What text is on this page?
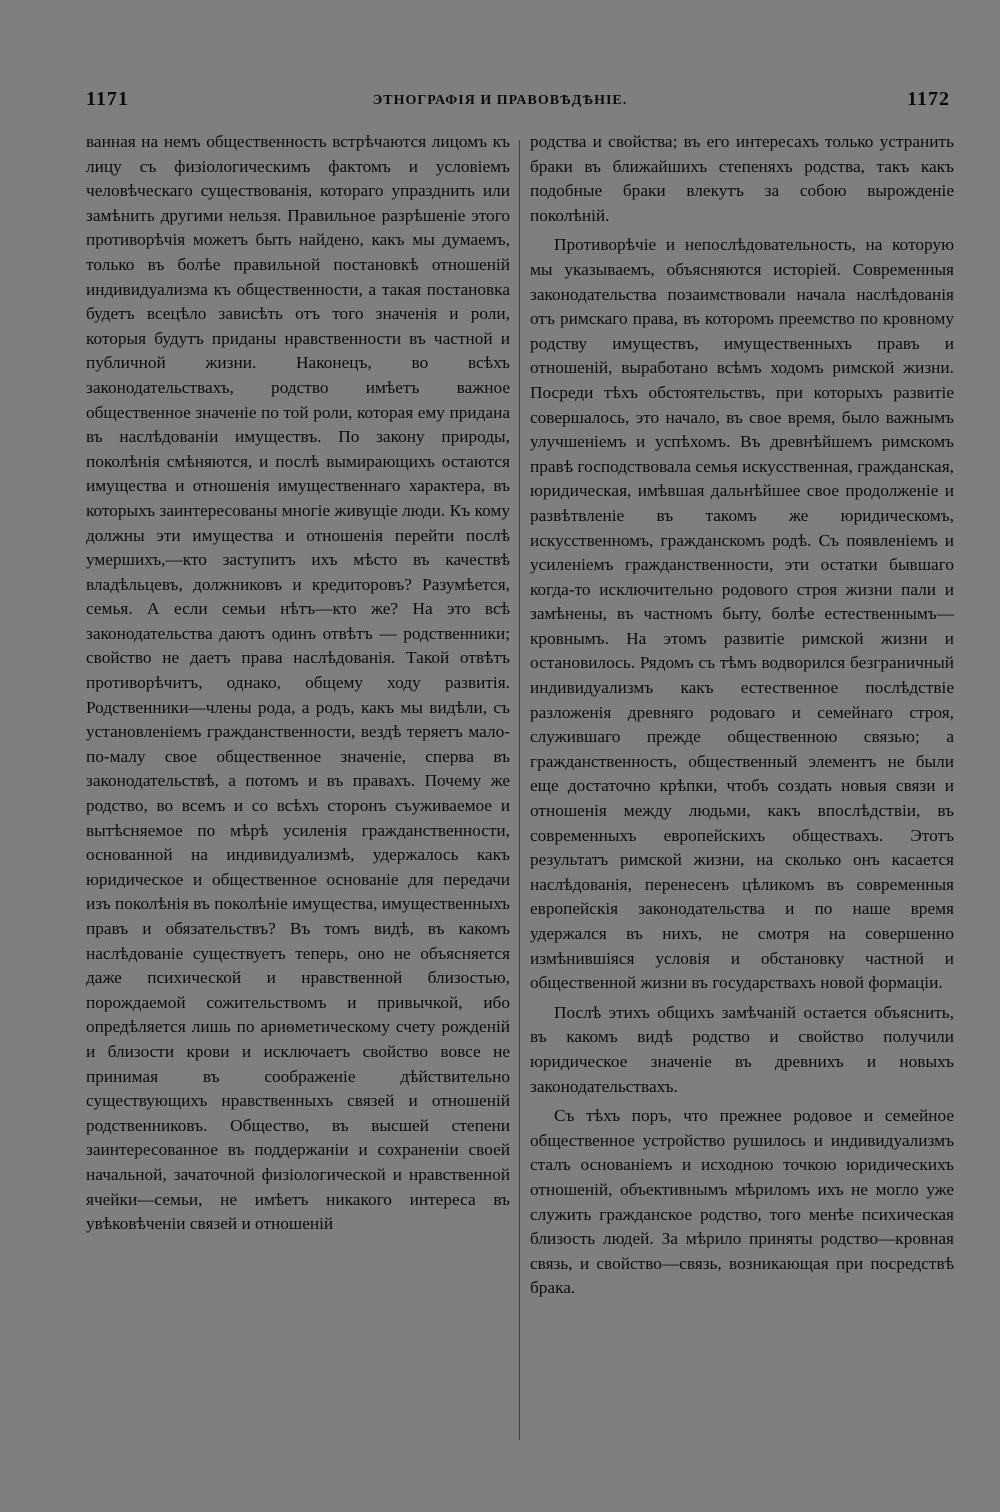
1171	ЭТНОГРАФІЯ И ПРАВОВѢДѢНІЕ.	1172

ванная на немъ общественность встрѣчаются лицомъ къ лицу съ физіологическимъ фактомъ и условіемъ человѣческаго существованія, котораго упразднить или замѣнить другими нельзя. Правильное разрѣшеніе этого противорѣчія можетъ быть найдено, какъ мы думаемъ, только въ болѣе правильной постановкѣ отношеній индивидуализма къ общественности, а такая постановка будетъ всецѣло зависѣть отъ того значенія и роли, которыя будутъ приданы нравственности въ частной и публичной жизни. Наконецъ, во всѣхъ законодательствахъ, родство имѣетъ важное общественное значеніе по той роли, которая ему придана въ наслѣдованіи имуществъ. По закону природы, поколѣнія смѣняются, и послѣ вымирающихъ остаются имущества и отношенія имущественнаго характера, въ которыхъ заинтересованы многіе живущіе люди. Къ кому должны эти имущества и отношенія перейти послѣ умершихъ,—кто заступитъ ихъ мѣсто въ качествѣ владѣльцевъ, должниковъ и кредиторовъ? Разумѣется, семья. А если семьи нѣтъ—кто же? На это всѣ законодательства даютъ одинъ отвѣтъ — родственники; свойство не даетъ права наслѣдованія. Такой отвѣтъ противорѣчитъ, однако, общему ходу развитія. Родственники—члены рода, а родъ, какъ мы видѣли, съ установленіемъ гражданственности, вездѣ теряетъ мало-по-малу свое общественное значеніе, сперва въ законодательствѣ, а потомъ и въ правахъ. Почему же родство, во всемъ и со всѣхъ сторонъ съуживаемое и вытѣсняемое по мѣрѣ усиленія гражданственности, основанной на индивидуализмѣ, удержалось какъ юридическое и общественное основаніе для передачи изъ поколѣнія въ поколѣніе имущества, имущественныхъ правъ и обязательствъ? Въ томъ видѣ, въ какомъ наслѣдованіе существуетъ теперь, оно не объясняется даже психической и нравственной близостью, порождаемой сожительствомъ и привычкой, ибо опредѣляется лишь по ариѳметическому счету рожденій и близости крови и исключаетъ свойство вовсе не принимая въ соображеніе дѣйствительно существующихъ нравственныхъ связей и отношеній родственниковъ. Общество, въ высшей степени заинтересованное въ поддержаніи и сохраненіи своей начальной, зачаточной физіологической и нравственной ячейки—семьи, не имѣетъ никакого интереса въ увѣковѣченіи связей и отношеній

родства и свойства; въ его интересахъ только устранить браки въ ближайшихъ степеняхъ родства, такъ какъ подобные браки влекутъ за собою вырожденіе поколѣній.

Противорѣчіе и непослѣдовательность, на которую мы указываемъ, объясняются исторіей. Современныя законодательства позаимствовали начала наслѣдованія отъ римскаго права, въ которомъ преемство по кровному родству имуществъ, имущественныхъ правъ и отношеній, выработано всѣмъ ходомъ римской жизни. Посреди тѣхъ обстоятельствъ, при которыхъ развитіе совершалось, это начало, въ свое время, было важнымъ улучшеніемъ и успѣхомъ. Въ древнѣйшемъ римскомъ правѣ господствовала семья искусственная, гражданская, юридическая, имѣвшая дальнѣйшее свое продолженіе и развѣтвленіе въ такомъ же юридическомъ, искусственномъ, гражданскомъ родѣ. Съ появленіемъ и усиленіемъ гражданственности, эти остатки бывшаго когда-то исключительно родового строя жизни пали и замѣнены, въ частномъ быту, болѣе естественнымъ—кровнымъ. На этомъ развитіе римской жизни и остановилось. Рядомъ съ тѣмъ водворился безграничный индивидуализмъ какъ естественное послѣдствіе разложенія древняго родоваго и семейнаго строя, служившаго прежде общественною связью; а гражданственность, общественный элементъ не были еще достаточно крѣпки, чтобъ создать новыя связи и отношенія между людьми, какъ впослѣдствіи, въ современныхъ европейскихъ обществахъ. Этотъ результатъ римской жизни, на сколько онъ касается наслѣдованія, перенесенъ цѣликомъ въ современныя европейскія законодательства и по наше время удержался въ нихъ, не смотря на совершенно измѣнившіяся условія и обстановку частной и общественной жизни въ государствахъ новой формаціи.

Послѣ этихъ общихъ замѣчаній остается объяснить, въ какомъ видѣ родство и свойство получили юридическое значеніе въ древнихъ и новыхъ законодательствахъ.

Съ тѣхъ поръ, что прежнее родовое и семейное общественное устройство рушилось и индивидуализмъ сталъ основаніемъ и исходною точкою юридическихъ отношеній, объективнымъ мѣриломъ ихъ не могло уже служить гражданское родство, того менѣе психическая близость людей. За мѣрило приняты родство—кровная связь, и свойство—связь, возникающая при посредствѣ брака.
